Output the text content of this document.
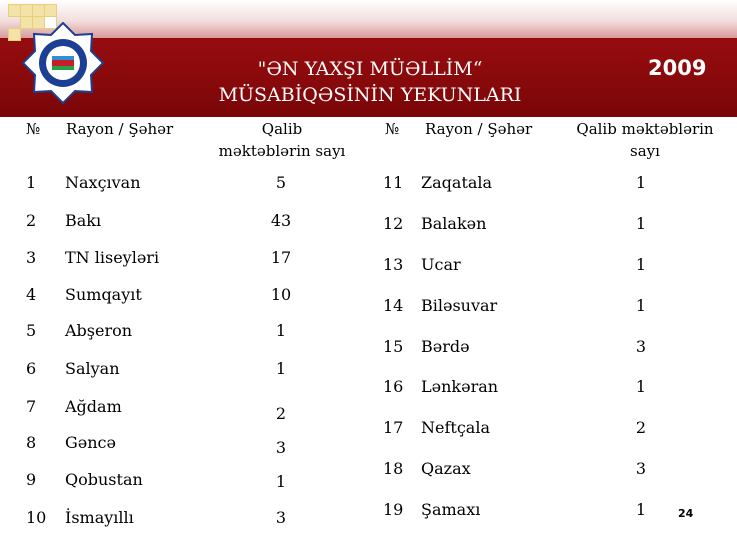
"ƏN YAXŞI MÜƏLLİM“
MÜSABİQƏSİNİN YEKUNLARI
2009
№ Rayon / Şəhər	Qalib
məktəblərin sayı
№ Rayon / Şəhər	Qalib məktəblərin
sayı
1 Naxçıvan	5
2 Bakı	43
3 TN liseyləri	17
4 Sumqayıt	10
5 Abşeron	1
6 Salyan	1
7 Ağdam	2
8 Gəncə	3
9 Qobustan	1
10 İsmayıllı	3
11 Zaqatala	1
12 Balakən	1
13 Ucar	1
14 Biləsuvar	1
15 Bərdə	3
16 Lənkəran	1
17 Neftçala	2
18 Qazax	3
19 Şamaxı	1	24
